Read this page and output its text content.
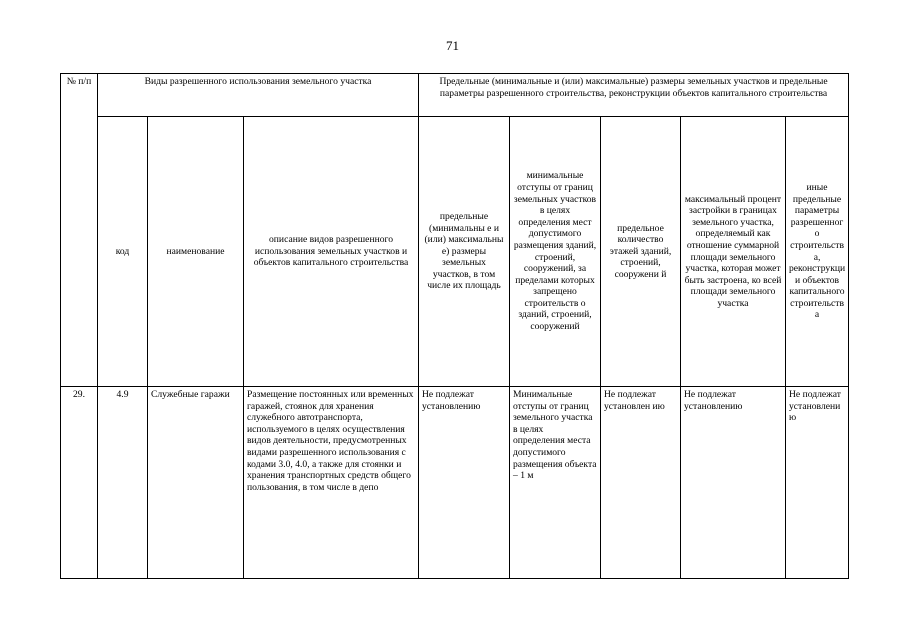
71
№ п/п	Виды разрешенного использования земельного участка			Предельные (минимальные и (или) максимальные) размеры земельных участков и предельные параметры разрешенного строительства, реконструкции объектов капитального строительства				
	код	наименование	описание видов разрешенного использования земельных участков и объектов капитального строительства	предельные (минимальны е и (или) максимальны е) размеры земельных участков, в том числе их площадь	минимальные отступы от границ земельных участков в целях определения мест допустимого размещения зданий, строений, сооружений, за пределами которых запрещено строительств о зданий, строений, сооружений	предельное количество этажей зданий, строений, сооружени й	максимальный процент застройки в границах земельного участка, определяемый как отношение суммарной площади земельного участка, которая может быть застроена, ко всей площади земельного участка	иные предельные параметры разрешенног о строительств а, реконструкци и объектов капитального строительств а
29.	4.9	Служебные гаражи	Размещение постоянных или временных гаражей, стоянок для хранения служебного автотранспорта, используемого в целях осуществления видов деятельности, предусмотренных видами разрешенного использования с кодами 3.0, 4.0, а также для стоянки и хранения транспортных средств общего пользования, в том числе в депо	Не подлежат установлению	Минимальные отступы от границ земельного участка в целях определения места допустимого размещения объекта – 1 м	Не подлежат установлен ию	Не подлежат установлению	Не подлежат установлени ю
